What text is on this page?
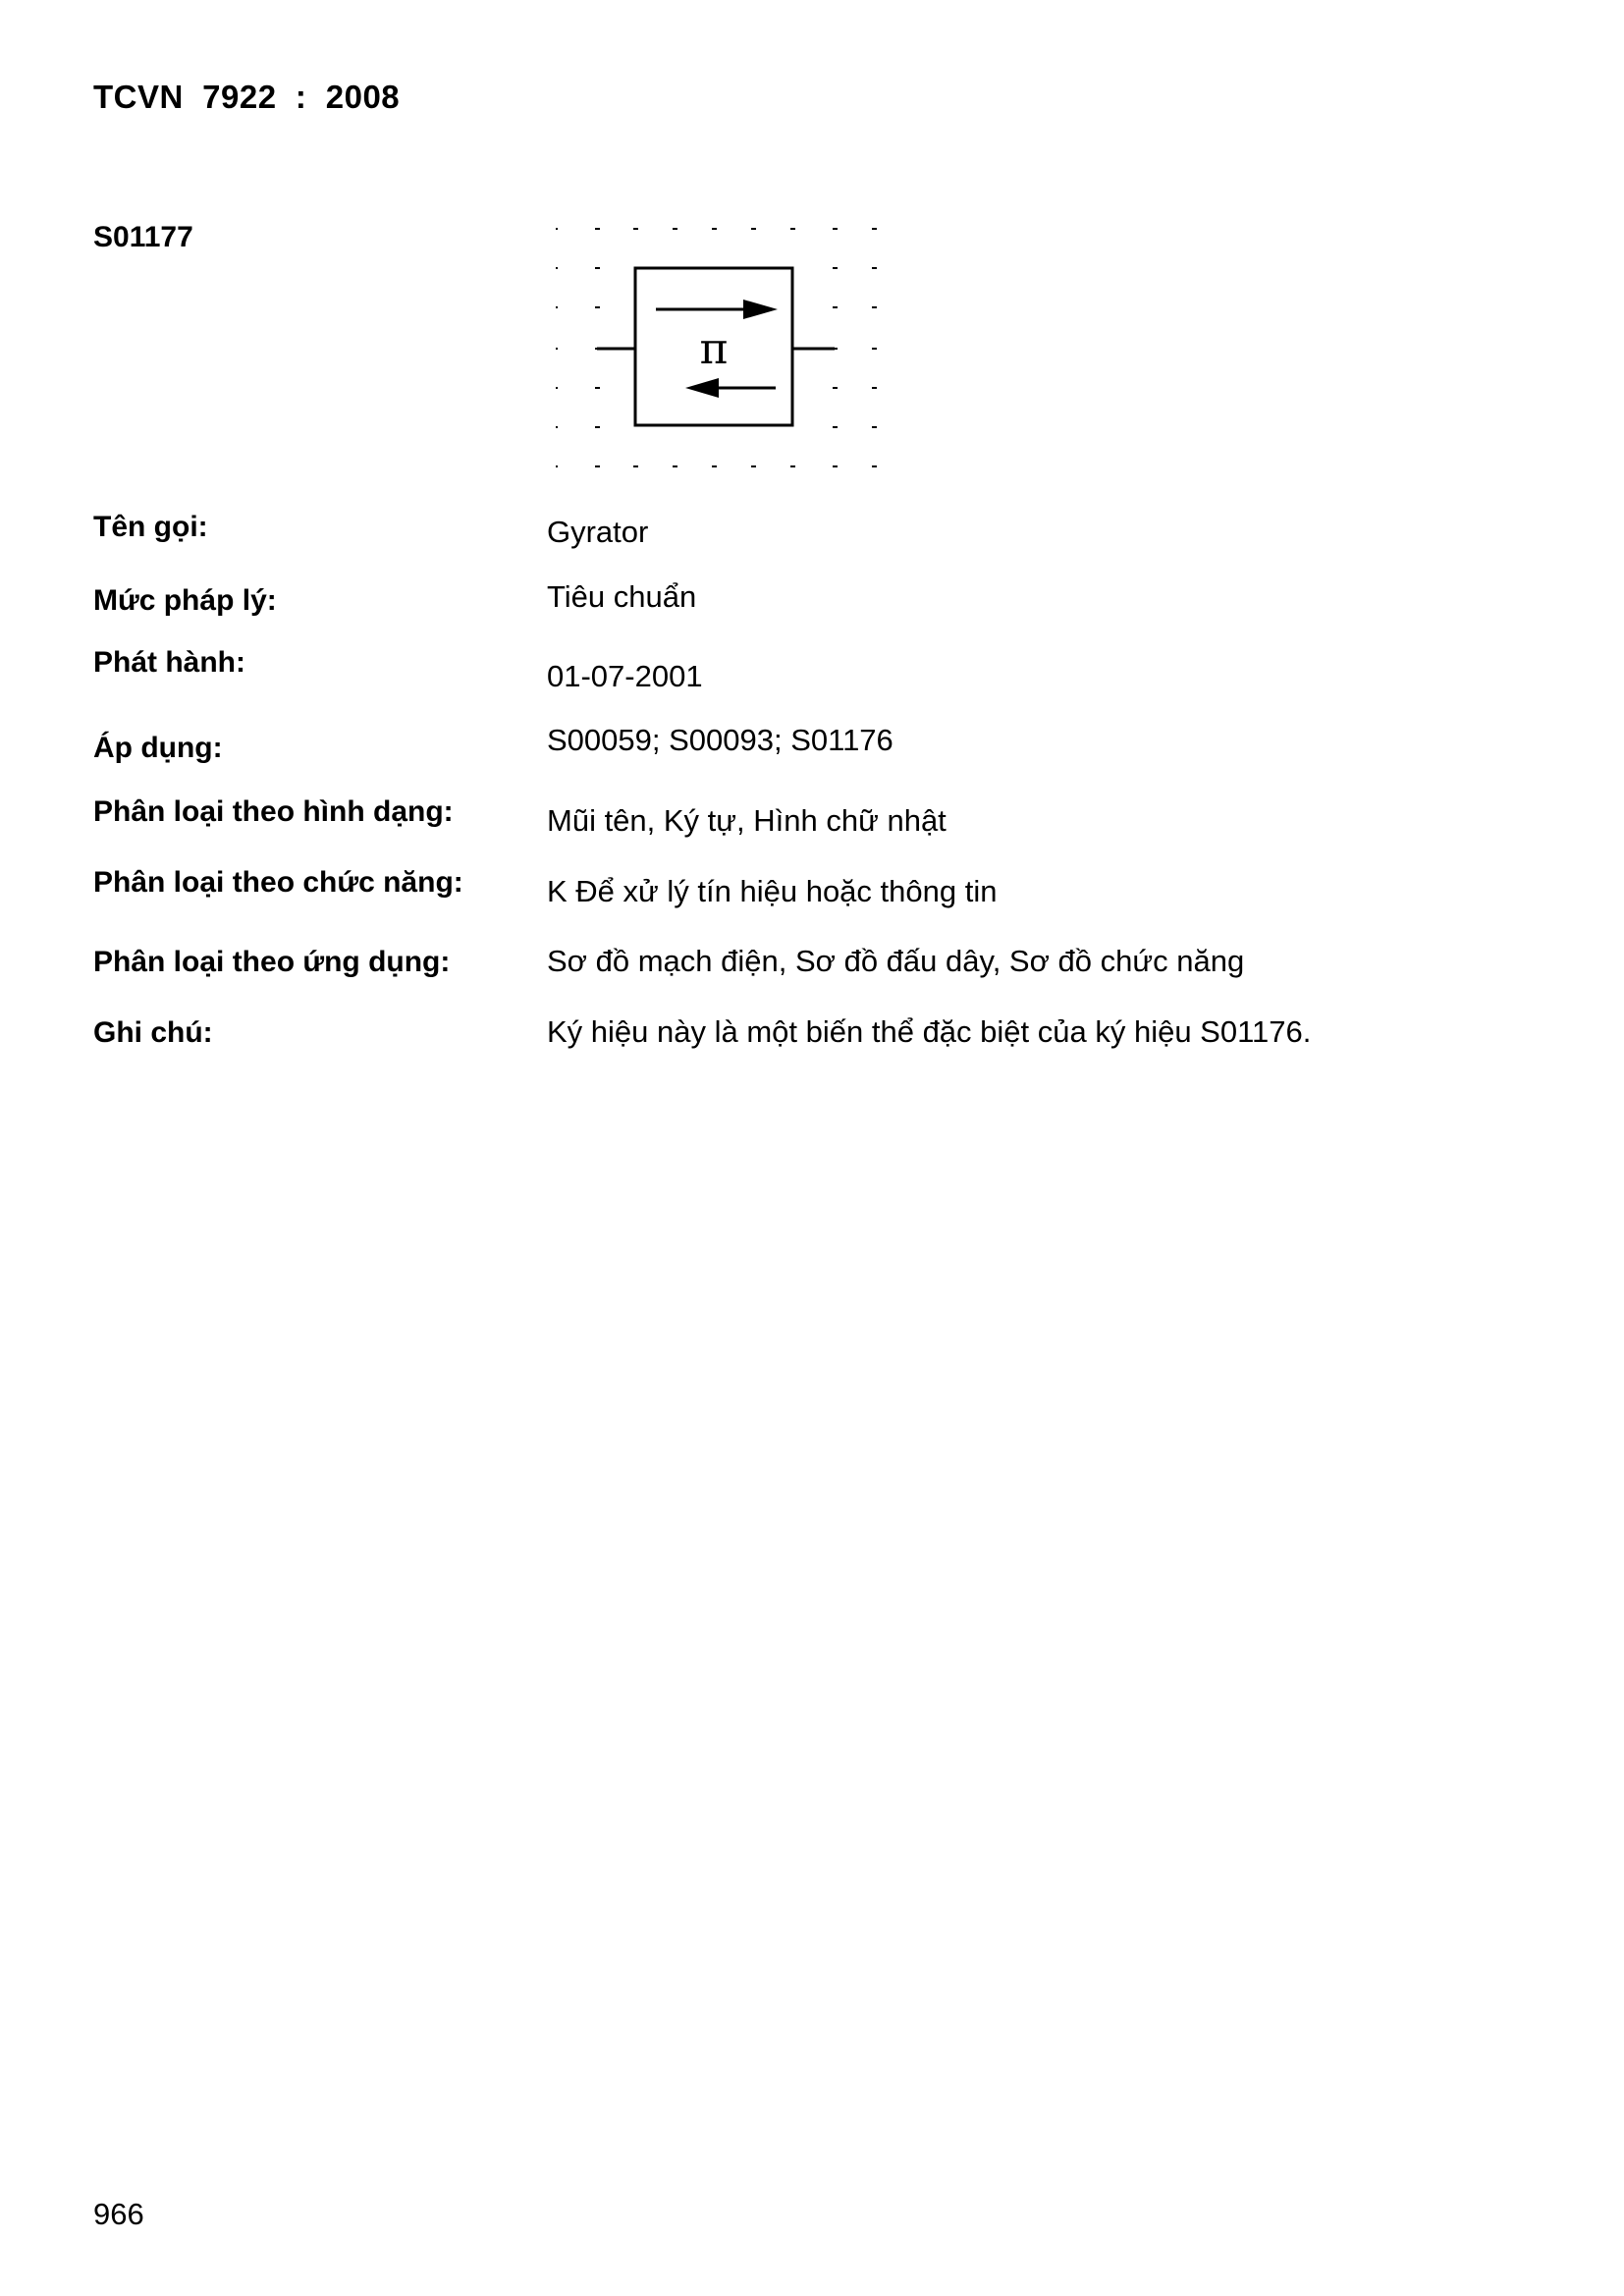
TCVN  7922  :  2008
S01177
π
Tên gọi:	Gyrator
Mức pháp lý:	Tiêu chuẩn
Phát hành:	01-07-2001
Áp dụng:	S00059; S00093; S01176
Phân loại theo hình dạng:	Mũi tên, Ký tự, Hình chữ nhật
Phân loại theo chức năng:	K Để xử lý tín hiệu hoặc thông tin
Phân loại theo ứng dụng:	Sơ đồ mạch điện, Sơ đồ đấu dây, Sơ đồ chức năng
Ghi chú:	Ký hiệu này là một biến thể đặc biệt của ký hiệu S01176.
966
